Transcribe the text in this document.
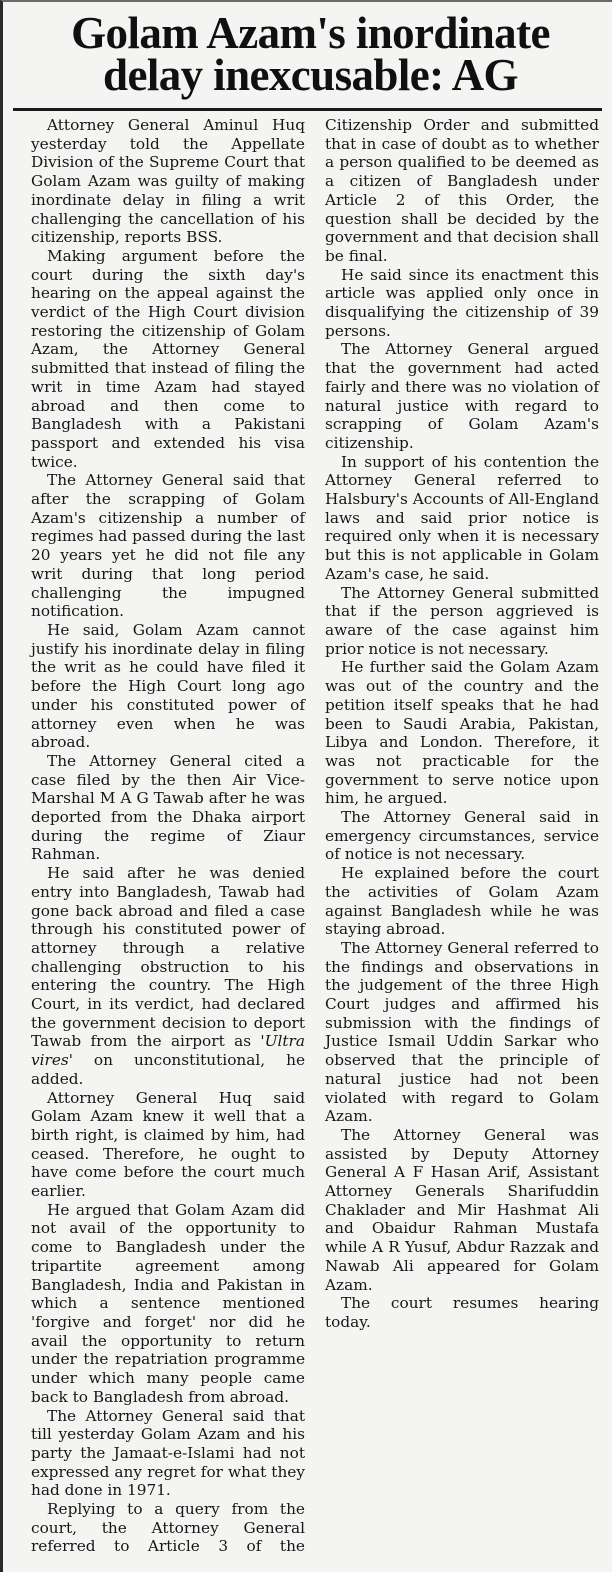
Golam Azam's inordinate
delay inexcusable: AG

Attorney General Aminul Huq yesterday told the Appellate Division of the Supreme Court that Golam Azam was guilty of making inordinate delay in filing a writ challenging the cancellation of his citizenship, reports BSS.

Making argument before the court during the sixth day's hearing on the appeal against the verdict of the High Court division restoring the citizenship of Golam Azam, the Attorney General submitted that instead of filing the writ in time Azam had stayed abroad and then come to Bangladesh with a Pakistani passport and extended his visa twice.

The Attorney General said that after the scrapping of Golam Azam's citizenship a number of regimes had passed during the last 20 years yet he did not file any writ during that long period challenging the impugned notification.

He said, Golam Azam cannot justify his inordinate delay in filing the writ as he could have filed it before the High Court long ago under his constituted power of attorney even when he was abroad.

The Attorney General cited a case filed by the then Air Vice-Marshal M A G Tawab after he was deported from the Dhaka airport during the regime of Ziaur Rahman.

He said after he was denied entry into Bangladesh, Tawab had gone back abroad and filed a case through his constituted power of attorney through a relative challenging obstruction to his entering the country. The High Court, in its verdict, had declared the government decision to deport Tawab from the airport as 'Ultra vires' on unconstitutional, he added.

Attorney General Huq said Golam Azam knew it well that a birth right, is claimed by him, had ceased. Therefore, he ought to have come before the court much earlier.

He argued that Golam Azam did not avail of the opportunity to come to Bangladesh under the tripartite agreement among Bangladesh, India and Pakistan in which a sentence mentioned 'forgive and forget' nor did he avail the opportunity to return under the repatriation programme under which many people came back to Bangladesh from abroad.

The Attorney General said that till yesterday Golam Azam and his party the Jamaat-e-Islami had not expressed any regret for what they had done in 1971.

Replying to a query from the court, the Attorney General referred to Article 3 of the Citizenship Order and submitted that in case of doubt as to whether a person qualified to be deemed as a citizen of Bangladesh under Article 2 of this Order, the question shall be decided by the government and that decision shall be final.

He said since its enactment this article was applied only once in disqualifying the citizenship of 39 persons.

The Attorney General argued that the government had acted fairly and there was no violation of natural justice with regard to scrapping of Golam Azam's citizenship.

In support of his contention the Attorney General referred to Halsbury's Accounts of All-England laws and said prior notice is required only when it is necessary but this is not applicable in Golam Azam's case, he said.

The Attorney General submitted that if the person aggrieved is aware of the case against him prior notice is not necessary.

He further said the Golam Azam was out of the country and the petition itself speaks that he had been to Saudi Arabia, Pakistan, Libya and London. Therefore, it was not practicable for the government to serve notice upon him, he argued.

The Attorney General said in emergency circumstances, service of notice is not necessary.

He explained before the court the activities of Golam Azam against Bangladesh while he was staying abroad.

The Attorney General referred to the findings and observations in the judgement of the three High Court judges and affirmed his submission with the findings of Justice Ismail Uddin Sarkar who observed that the principle of natural justice had not been violated with regard to Golam Azam.

The Attorney General was assisted by Deputy Attorney General A F Hasan Arif, Assistant Attorney Generals Sharifuddin Chaklader and Mir Hashmat Ali and Obaidur Rahman Mustafa while A R Yusuf, Abdur Razzak and Nawab Ali appeared for Golam Azam.

The court resumes hearing today.
